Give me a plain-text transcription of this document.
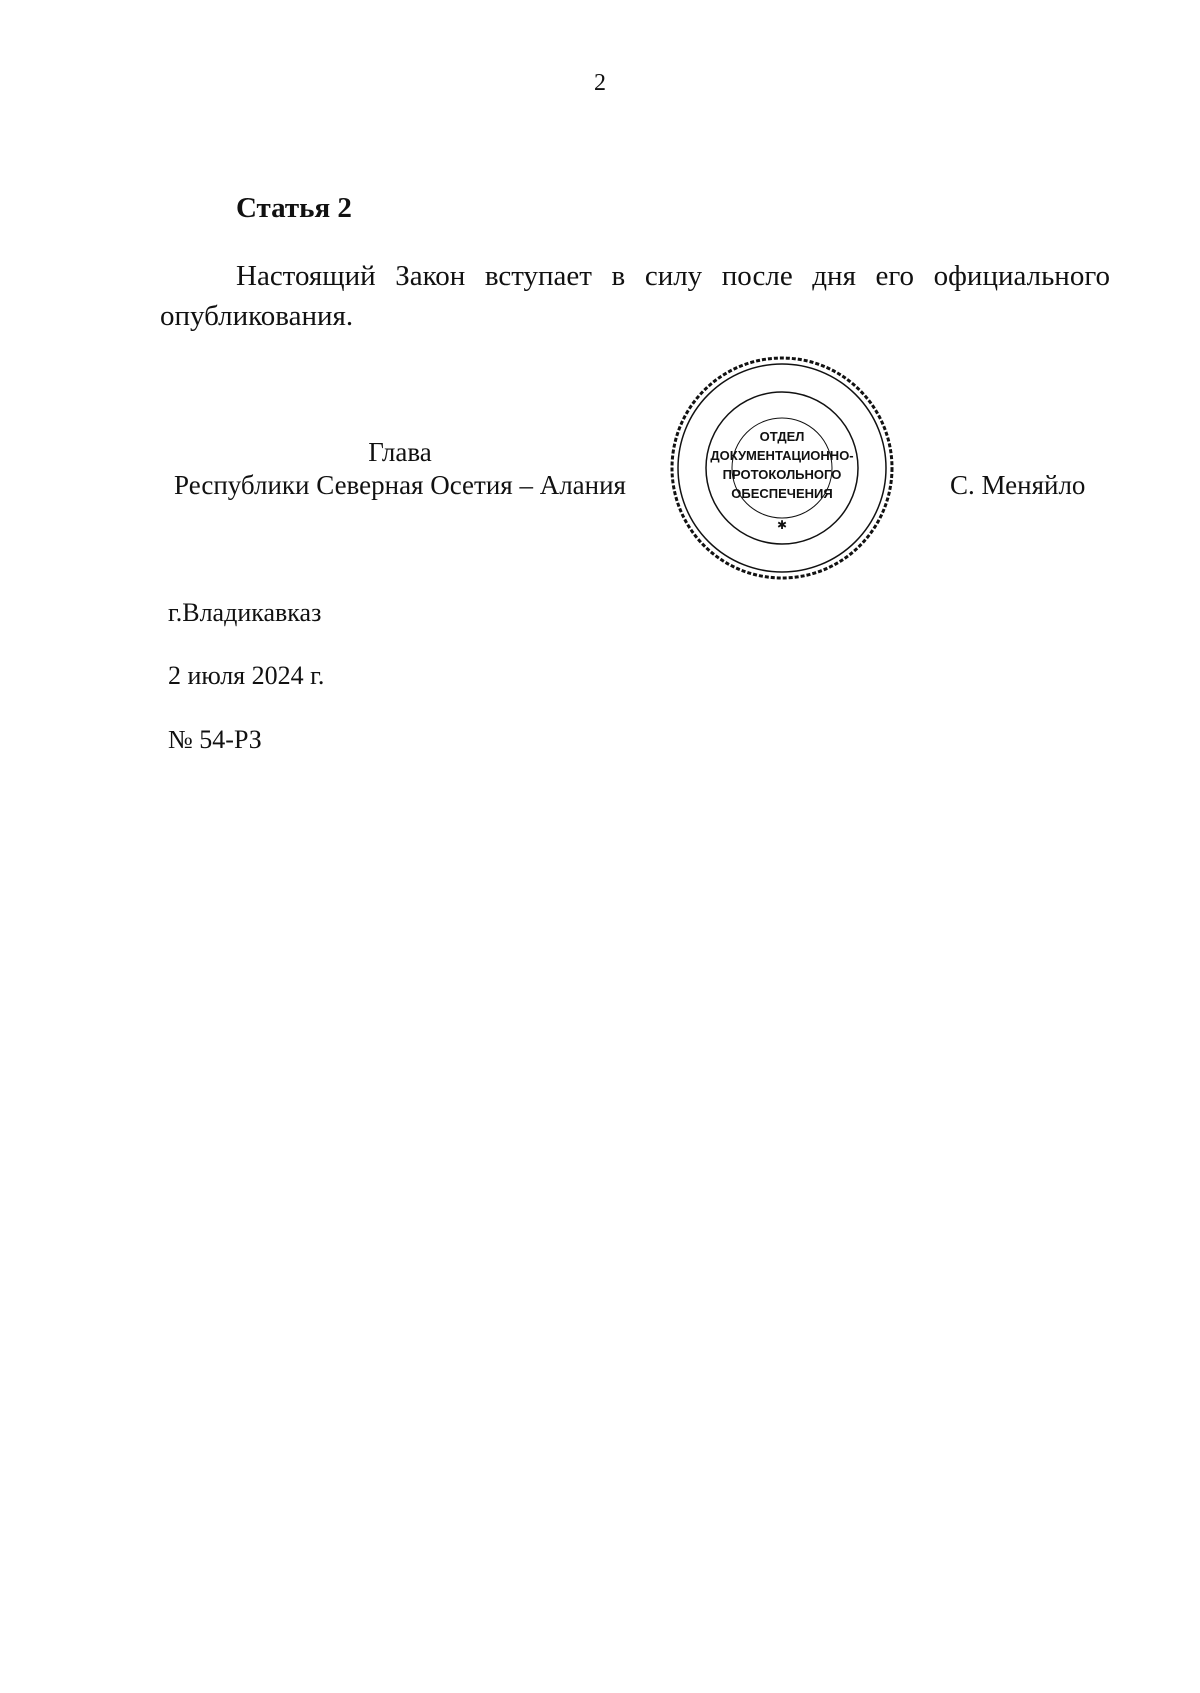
2
Статья 2
Настоящий Закон вступает в силу после дня его официального
опубликования.
Глава
Республики Северная Осетия – Алания	С. Меняйло
✱
ОТДЕЛ
ДОКУМЕНТАЦИОННО-
ПРОТОКОЛЬНОГО
ОБЕСПЕЧЕНИЯ
г.Владикавказ
2 июля 2024 г.
№ 54-РЗ
